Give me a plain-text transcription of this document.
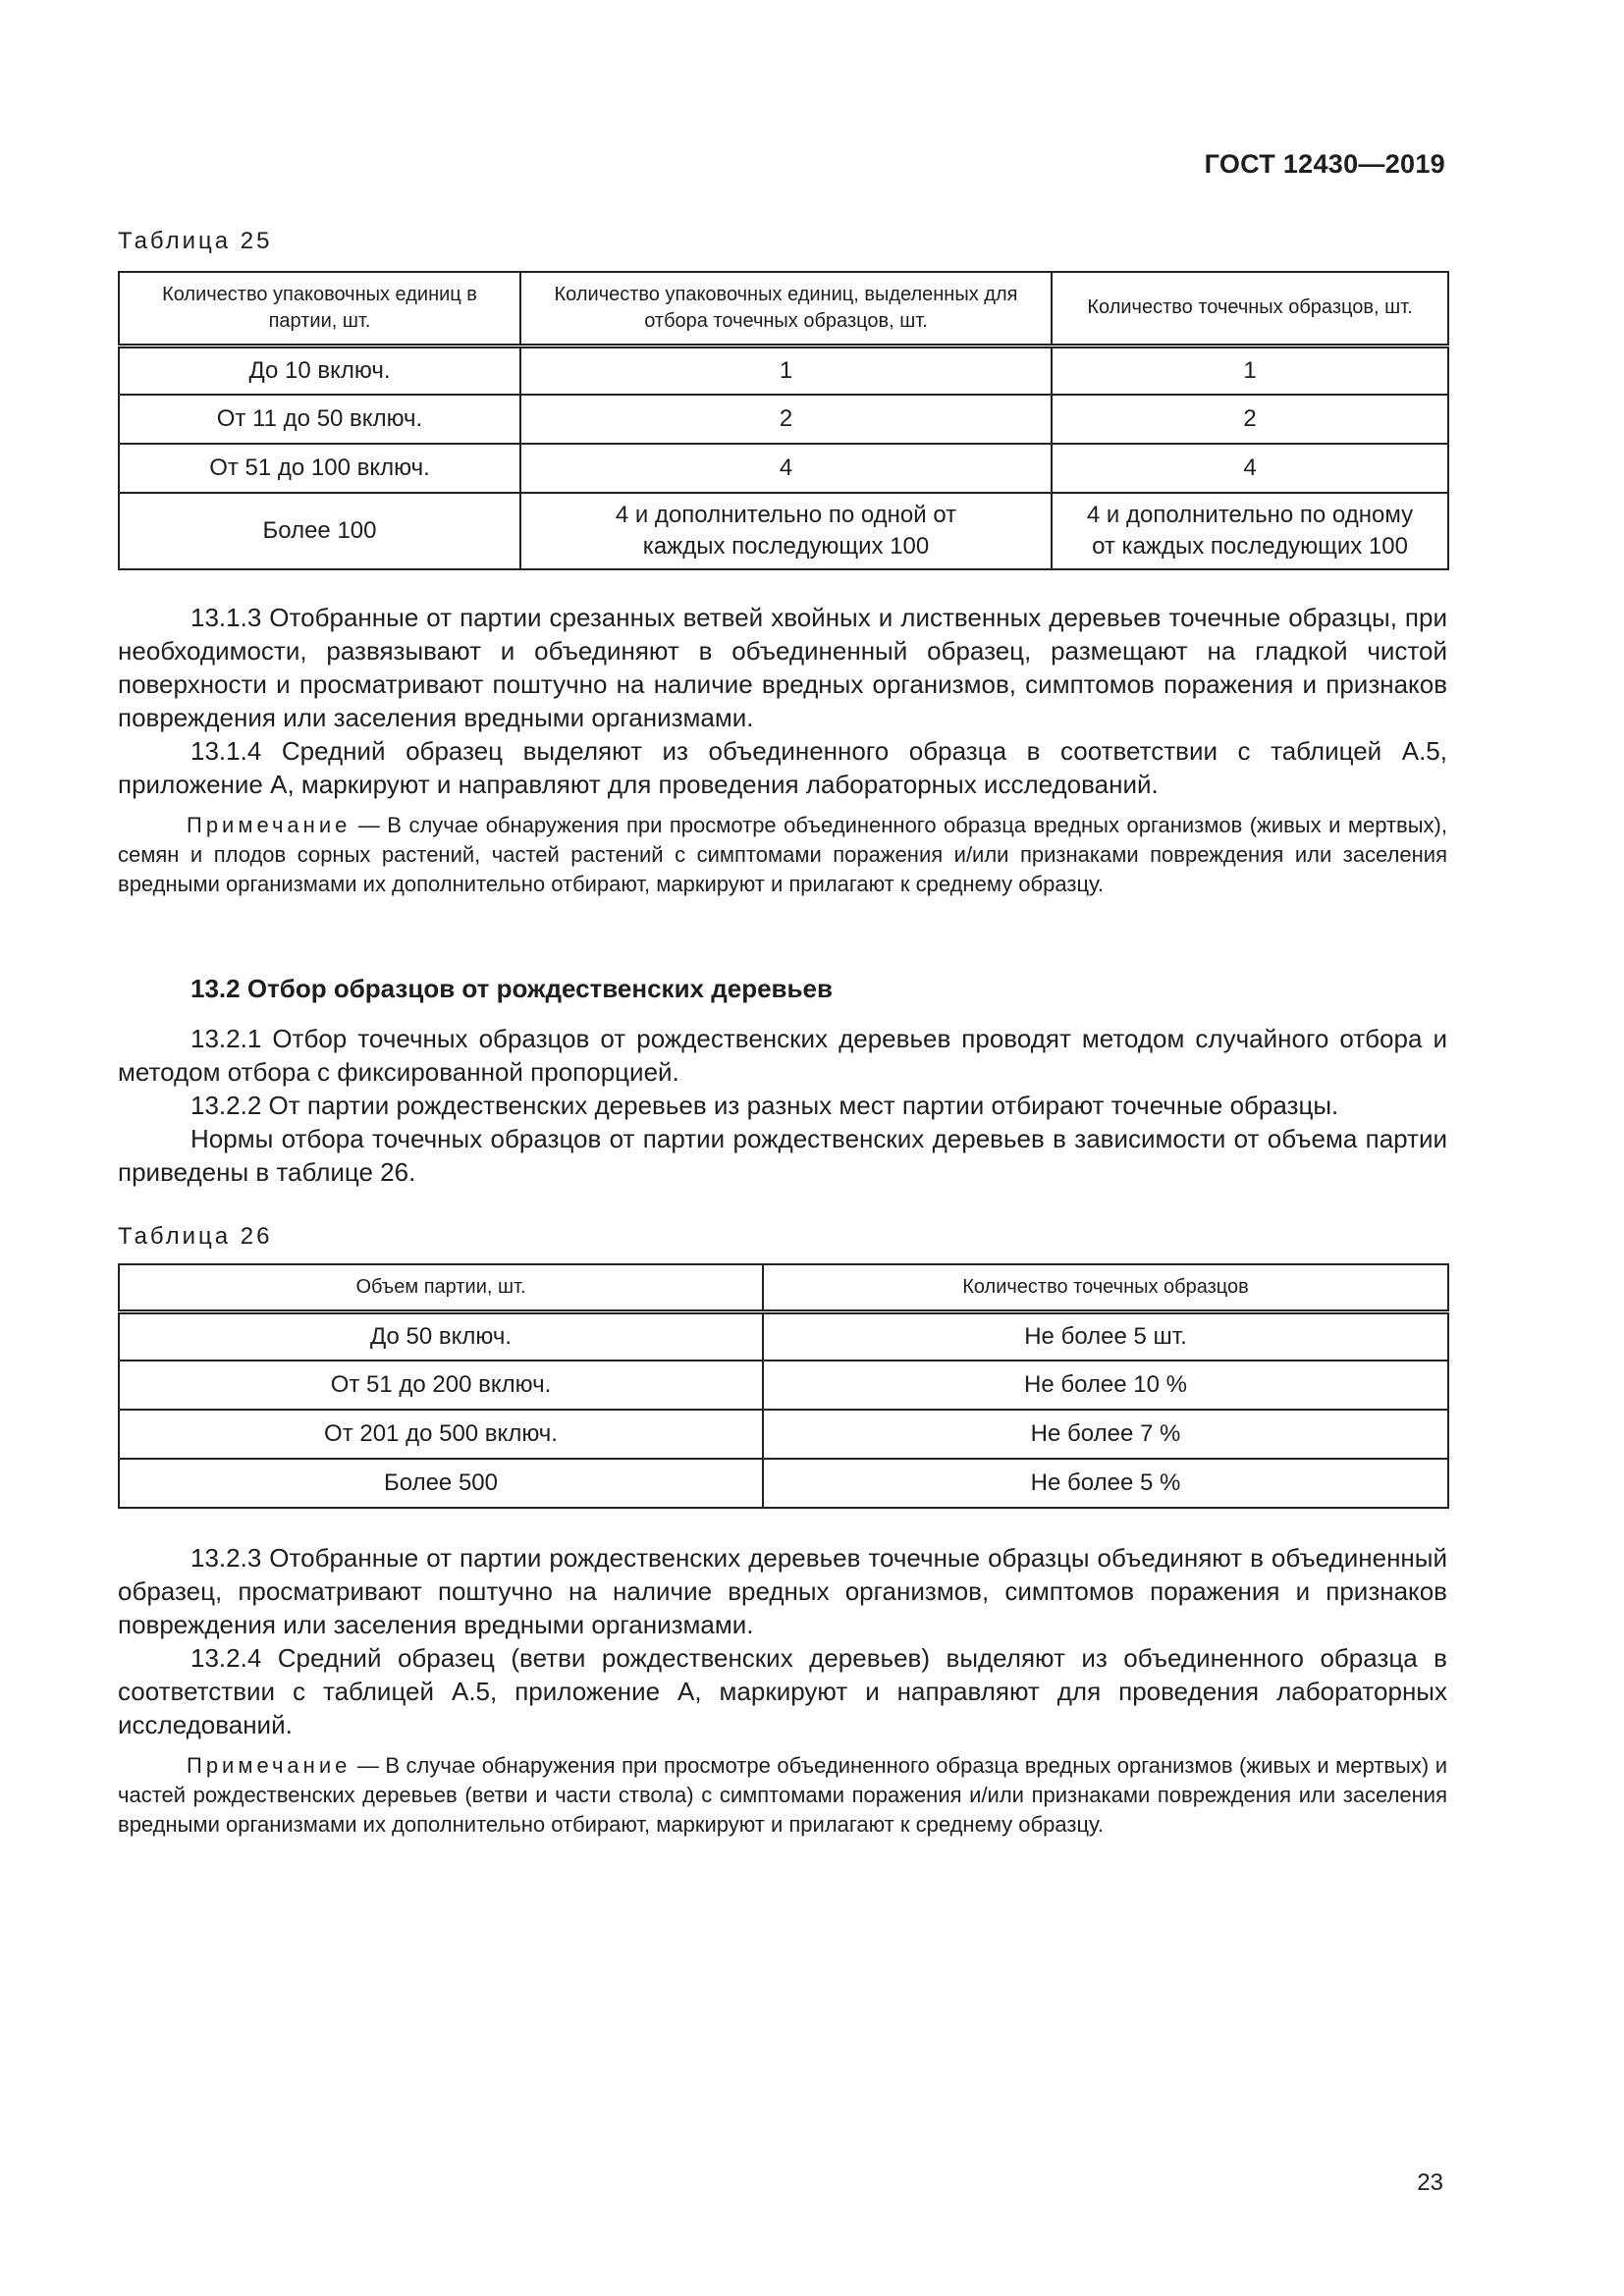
ГОСТ 12430—2019
Таблица 25
Количество упаковочных единиц в партии, шт.	Количество упаковочных единиц, выделенных для отбора точечных образцов, шт.	Количество точечных образцов, шт.
До 10 включ.	1	1
От 11 до 50 включ.	2	2
От 51 до 100 включ.	4	4
Более 100	4 и дополнительно по одной от каждых последующих 100	4 и дополнительно по одному от каждых последующих 100

13.1.3 Отобранные от партии срезанных ветвей хвойных и лиственных деревьев точечные образцы, при необходимости, развязывают и объединяют в объединенный образец, размещают на гладкой чистой поверхности и просматривают поштучно на наличие вредных организмов, симптомов поражения и признаков повреждения или заселения вредными организмами.

13.1.4 Средний образец выделяют из объединенного образца в соответствии с таблицей А.5, приложение А, маркируют и направляют для проведения лабораторных исследований.

Примечание — В случае обнаружения при просмотре объединенного образца вредных организмов (живых и мертвых), семян и плодов сорных растений, частей растений с симптомами поражения и/или признаками повреждения или заселения вредными организмами их дополнительно отбирают, маркируют и прилагают к среднему образцу.

13.2 Отбор образцов от рождественских деревьев

13.2.1 Отбор точечных образцов от рождественских деревьев проводят методом случайного отбора и методом отбора с фиксированной пропорцией.

13.2.2 От партии рождественских деревьев из разных мест партии отбирают точечные образцы.

Нормы отбора точечных образцов от партии рождественских деревьев в зависимости от объема партии приведены в таблице 26.

Таблица 26
Объем партии, шт.	Количество точечных образцов
До 50 включ.	Не более 5 шт.
От 51 до 200 включ.	Не более 10 %
От 201 до 500 включ.	Не более 7 %
Более 500	Не более 5 %

13.2.3 Отобранные от партии рождественских деревьев точечные образцы объединяют в объединенный образец, просматривают поштучно на наличие вредных организмов, симптомов поражения и признаков повреждения или заселения вредными организмами.

13.2.4 Средний образец (ветви рождественских деревьев) выделяют из объединенного образца в соответствии с таблицей А.5, приложение А, маркируют и направляют для проведения лабораторных исследований.

Примечание — В случае обнаружения при просмотре объединенного образца вредных организмов (живых и мертвых) и частей рождественских деревьев (ветви и части ствола) с симптомами поражения и/или признаками повреждения или заселения вредными организмами их дополнительно отбирают, маркируют и прилагают к среднему образцу.

23
